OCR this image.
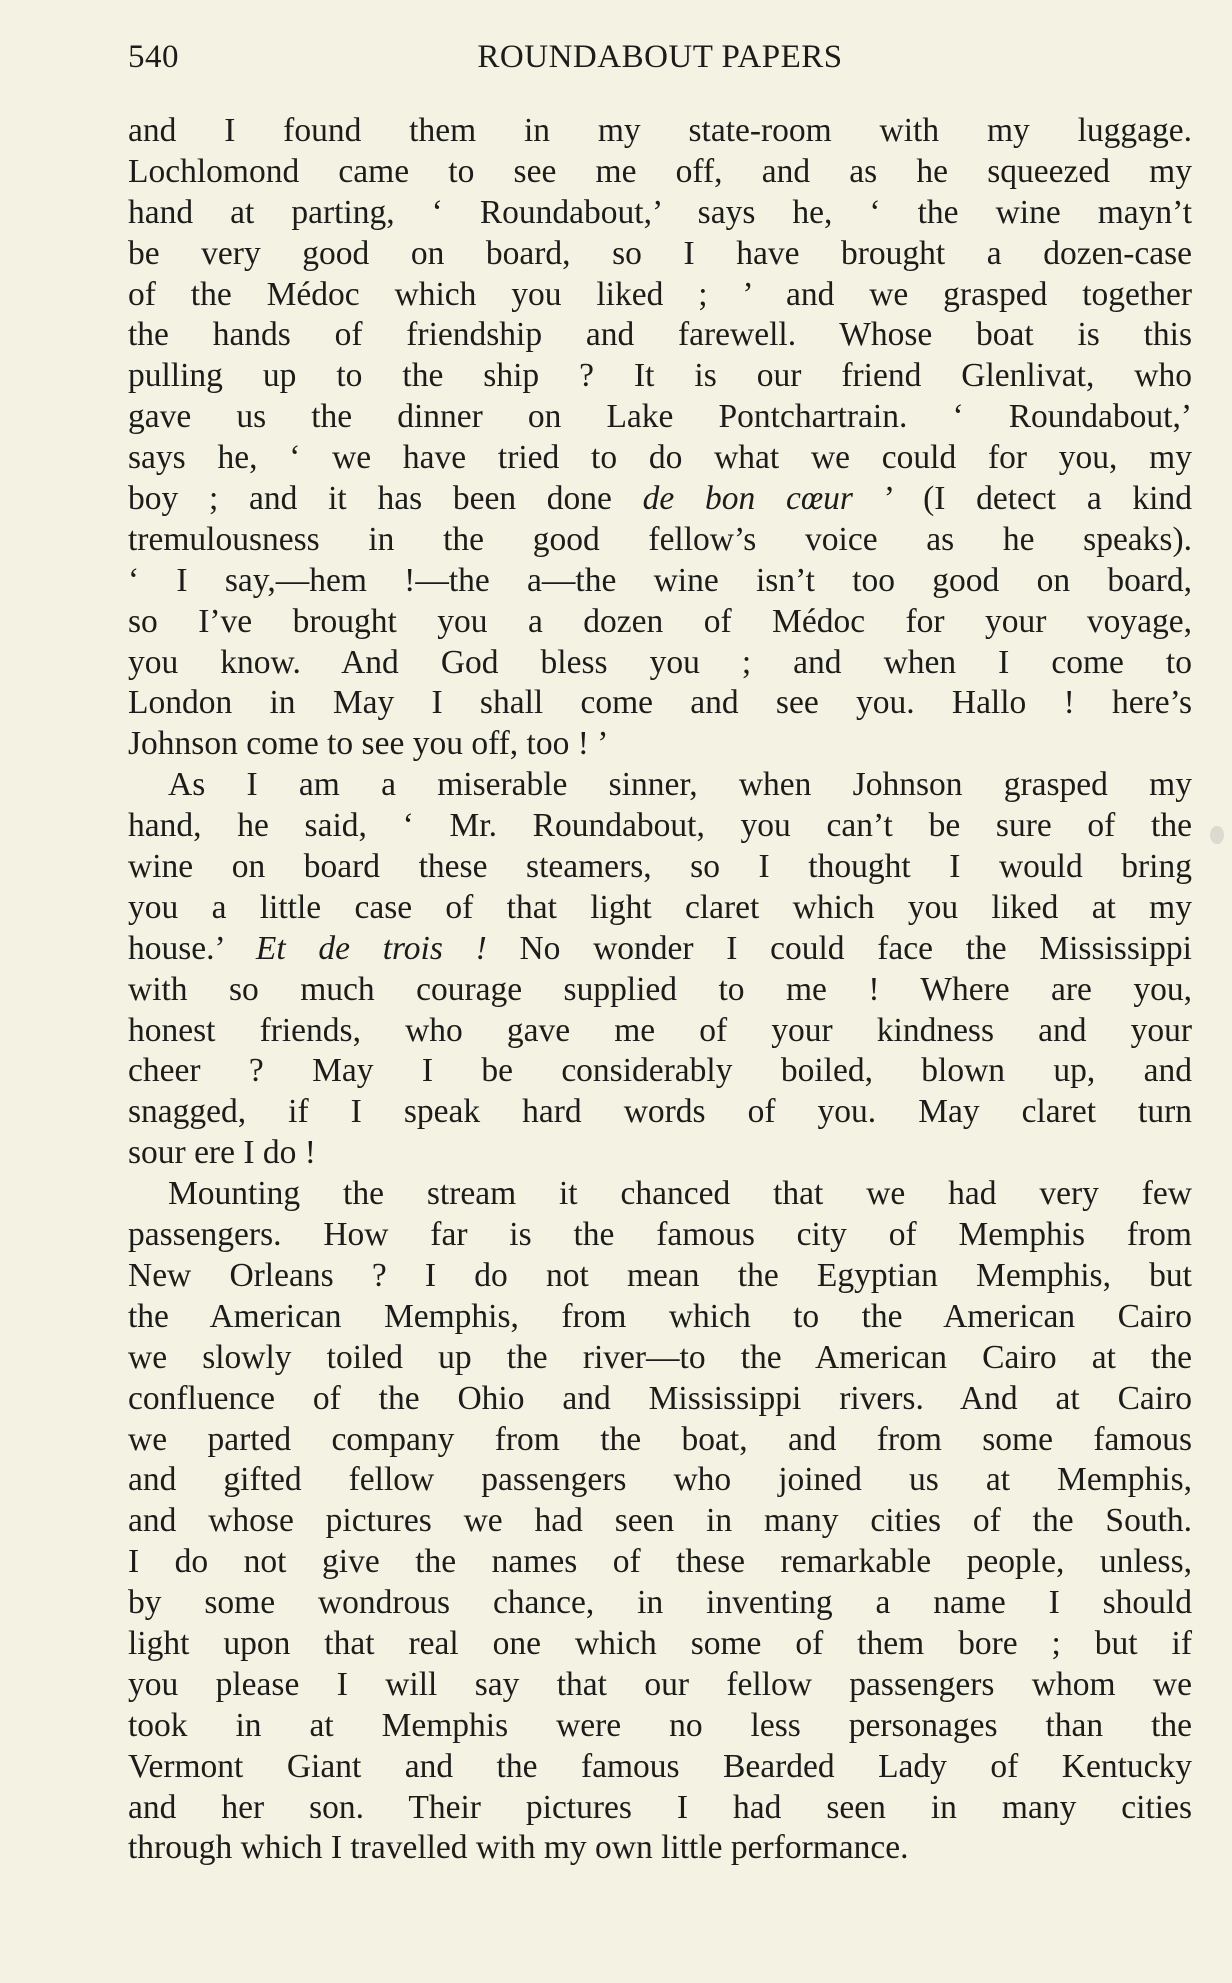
540	ROUNDABOUT PAPERS
and I found them in my state-room with my luggage.
Lochlomond came to see me off, and as he squeezed my
hand at parting, ‘ Roundabout,’ says he, ‘ the wine mayn’t
be very good on board, so I have brought a dozen-case
of the Médoc which you liked ; ’ and we grasped together
the hands of friendship and farewell. Whose boat is this
pulling up to the ship ? It is our friend Glenlivat, who
gave us the dinner on Lake Pontchartrain. ‘ Roundabout,’
says he, ‘ we have tried to do what we could for you, my
boy ; and it has been done de bon cœur ’ (I detect a kind
tremulousness in the good fellow’s voice as he speaks).
‘ I say,—hem !—the a—the wine isn’t too good on board,
so I’ve brought you a dozen of Médoc for your voyage,
you know. And God bless you ; and when I come to
London in May I shall come and see you. Hallo ! here’s
Johnson come to see you off, too ! ’
As I am a miserable sinner, when Johnson grasped my
hand, he said, ‘ Mr. Roundabout, you can’t be sure of the
wine on board these steamers, so I thought I would bring
you a little case of that light claret which you liked at my
house.’ Et de trois ! No wonder I could face the Mississippi
with so much courage supplied to me ! Where are you,
honest friends, who gave me of your kindness and your
cheer ? May I be considerably boiled, blown up, and
snagged, if I speak hard words of you. May claret turn
sour ere I do !
Mounting the stream it chanced that we had very few
passengers. How far is the famous city of Memphis from
New Orleans ? I do not mean the Egyptian Memphis, but
the American Memphis, from which to the American Cairo
we slowly toiled up the river—to the American Cairo at the
confluence of the Ohio and Mississippi rivers. And at Cairo
we parted company from the boat, and from some famous
and gifted fellow passengers who joined us at Memphis,
and whose pictures we had seen in many cities of the South.
I do not give the names of these remarkable people, unless,
by some wondrous chance, in inventing a name I should
light upon that real one which some of them bore ; but if
you please I will say that our fellow passengers whom we
took in at Memphis were no less personages than the
Vermont Giant and the famous Bearded Lady of Kentucky
and her son. Their pictures I had seen in many cities
through which I travelled with my own little performance.
